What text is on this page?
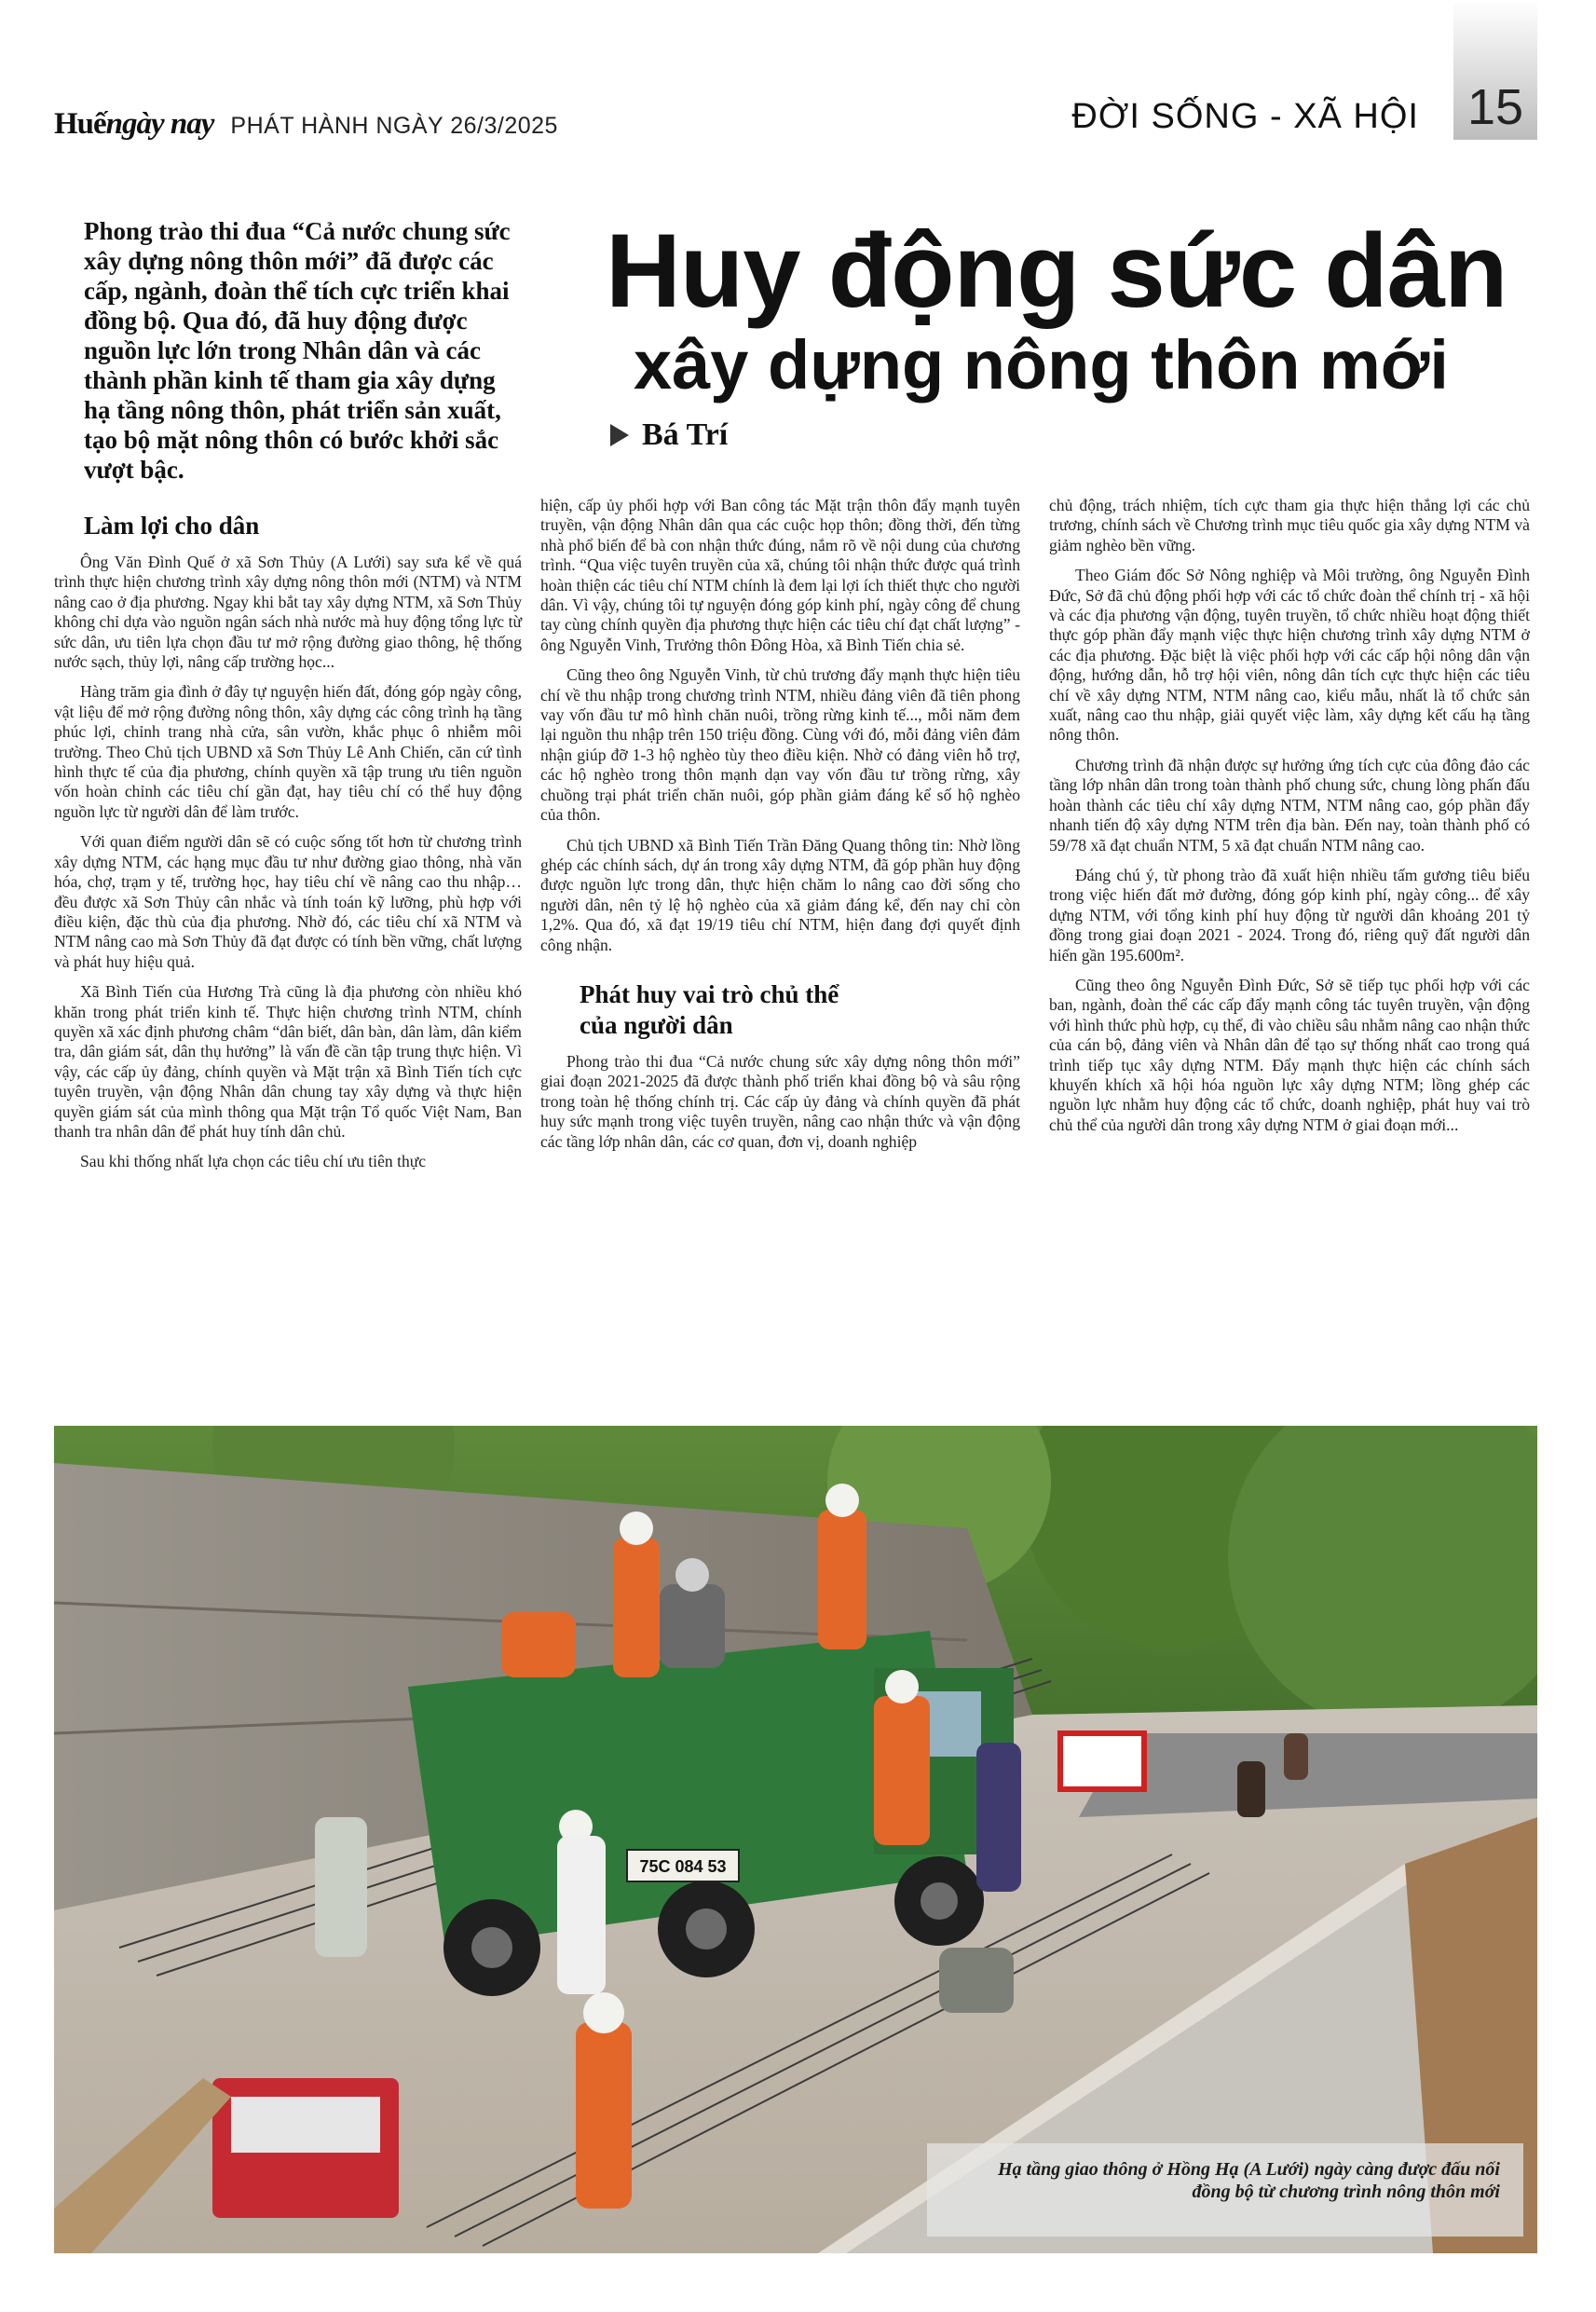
15
Huếngày nay PHÁT HÀNH NGÀY 26/3/2025	ĐỜI SỐNG - XÃ HỘI
Phong trào thi đua “Cả nước chung sức xây dựng nông thôn mới” đã được các cấp, ngành, đoàn thể tích cực triển khai đồng bộ. Qua đó, đã huy động được nguồn lực lớn trong Nhân dân và các thành phần kinh tế tham gia xây dựng hạ tầng nông thôn, phát triển sản xuất, tạo bộ mặt nông thôn có bước khởi sắc vượt bậc.
Huy động sức dân
xây dựng nông thôn mới
Bá Trí
Làm lợi cho dân

Ông Văn Đình Quế ở xã Sơn Thủy (A Lưới) say sưa kể về quá trình thực hiện chương trình xây dựng nông thôn mới (NTM) và NTM nâng cao ở địa phương. Ngay khi bắt tay xây dựng NTM, xã Sơn Thủy không chỉ dựa vào nguồn ngân sách nhà nước mà huy động tổng lực từ sức dân, ưu tiên lựa chọn đầu tư mở rộng đường giao thông, hệ thống nước sạch, thủy lợi, nâng cấp trường học...

Hàng trăm gia đình ở đây tự nguyện hiến đất, đóng góp ngày công, vật liệu để mở rộng đường nông thôn, xây dựng các công trình hạ tầng phúc lợi, chỉnh trang nhà cửa, sân vườn, khắc phục ô nhiễm môi trường. Theo Chủ tịch UBND xã Sơn Thủy Lê Anh Chiến, căn cứ tình hình thực tế của địa phương, chính quyền xã tập trung ưu tiên nguồn vốn hoàn chỉnh các tiêu chí gần đạt, hay tiêu chí có thể huy động nguồn lực từ người dân để làm trước.

Với quan điểm người dân sẽ có cuộc sống tốt hơn từ chương trình xây dựng NTM, các hạng mục đầu tư như đường giao thông, nhà văn hóa, chợ, trạm y tế, trường học, hay tiêu chí về nâng cao thu nhập… đều được xã Sơn Thủy cân nhắc và tính toán kỹ lưỡng, phù hợp với điều kiện, đặc thù của địa phương. Nhờ đó, các tiêu chí xã NTM và NTM nâng cao mà Sơn Thủy đã đạt được có tính bền vững, chất lượng và phát huy hiệu quả.

Xã Bình Tiến của Hương Trà cũng là địa phương còn nhiều khó khăn trong phát triển kinh tế. Thực hiện chương trình NTM, chính quyền xã xác định phương châm “dân biết, dân bàn, dân làm, dân kiểm tra, dân giám sát, dân thụ hưởng” là vấn đề cần tập trung thực hiện. Vì vậy, các cấp ủy đảng, chính quyền và Mặt trận xã Bình Tiến tích cực tuyên truyền, vận động Nhân dân chung tay xây dựng và thực hiện quyền giám sát của mình thông qua Mặt trận Tổ quốc Việt Nam, Ban thanh tra nhân dân để phát huy tính dân chủ.

Sau khi thống nhất lựa chọn các tiêu chí ưu tiên thực

hiện, cấp ủy phối hợp với Ban công tác Mặt trận thôn đẩy mạnh tuyên truyền, vận động Nhân dân qua các cuộc họp thôn; đồng thời, đến từng nhà phổ biến để bà con nhận thức đúng, nắm rõ về nội dung của chương trình. “Qua việc tuyên truyền của xã, chúng tôi nhận thức được quá trình hoàn thiện các tiêu chí NTM chính là đem lại lợi ích thiết thực cho người dân. Vì vậy, chúng tôi tự nguyện đóng góp kinh phí, ngày công để chung tay cùng chính quyền địa phương thực hiện các tiêu chí đạt chất lượng” - ông Nguyễn Vinh, Trưởng thôn Đông Hòa, xã Bình Tiến chia sẻ.

Cũng theo ông Nguyễn Vinh, từ chủ trương đẩy mạnh thực hiện tiêu chí về thu nhập trong chương trình NTM, nhiều đảng viên đã tiên phong vay vốn đầu tư mô hình chăn nuôi, trồng rừng kinh tế..., mỗi năm đem lại nguồn thu nhập trên 150 triệu đồng. Cùng với đó, mỗi đảng viên đảm nhận giúp đỡ 1-3 hộ nghèo tùy theo điều kiện. Nhờ có đảng viên hỗ trợ, các hộ nghèo trong thôn mạnh dạn vay vốn đầu tư trồng rừng, xây chuồng trại phát triển chăn nuôi, góp phần giảm đáng kể số hộ nghèo của thôn.

Chủ tịch UBND xã Bình Tiến Trần Đăng Quang thông tin: Nhờ lồng ghép các chính sách, dự án trong xây dựng NTM, đã góp phần huy động được nguồn lực trong dân, thực hiện chăm lo nâng cao đời sống cho người dân, nên tỷ lệ hộ nghèo của xã giảm đáng kể, đến nay chỉ còn 1,2%. Qua đó, xã đạt 19/19 tiêu chí NTM, hiện đang đợi quyết định công nhận.

Phát huy vai trò chủ thể
của người dân

Phong trào thi đua “Cả nước chung sức xây dựng nông thôn mới” giai đoạn 2021-2025 đã được thành phố triển khai đồng bộ và sâu rộng trong toàn hệ thống chính trị. Các cấp ủy đảng và chính quyền đã phát huy sức mạnh trong việc tuyên truyền, nâng cao nhận thức và vận động các tầng lớp nhân dân, các cơ quan, đơn vị, doanh nghiệp

chủ động, trách nhiệm, tích cực tham gia thực hiện thắng lợi các chủ trương, chính sách về Chương trình mục tiêu quốc gia xây dựng NTM và giảm nghèo bền vững.

Theo Giám đốc Sở Nông nghiệp và Môi trường, ông Nguyễn Đình Đức, Sở đã chủ động phối hợp với các tổ chức đoàn thể chính trị - xã hội và các địa phương vận động, tuyên truyền, tổ chức nhiều hoạt động thiết thực góp phần đẩy mạnh việc thực hiện chương trình xây dựng NTM ở các địa phương. Đặc biệt là việc phối hợp với các cấp hội nông dân vận động, hướng dẫn, hỗ trợ hội viên, nông dân tích cực thực hiện các tiêu chí về xây dựng NTM, NTM nâng cao, kiểu mẫu, nhất là tổ chức sản xuất, nâng cao thu nhập, giải quyết việc làm, xây dựng kết cấu hạ tầng nông thôn.

Chương trình đã nhận được sự hưởng ứng tích cực của đông đảo các tầng lớp nhân dân trong toàn thành phố chung sức, chung lòng phấn đấu hoàn thành các tiêu chí xây dựng NTM, NTM nâng cao, góp phần đẩy nhanh tiến độ xây dựng NTM trên địa bàn. Đến nay, toàn thành phố có 59/78 xã đạt chuẩn NTM, 5 xã đạt chuẩn NTM nâng cao.

Đáng chú ý, từ phong trào đã xuất hiện nhiều tấm gương tiêu biểu trong việc hiến đất mở đường, đóng góp kinh phí, ngày công... để xây dựng NTM, với tổng kinh phí huy động từ người dân khoảng 201 tỷ đồng trong giai đoạn 2021 - 2024. Trong đó, riêng quỹ đất người dân hiến gần 195.600m².

Cũng theo ông Nguyễn Đình Đức, Sở sẽ tiếp tục phối hợp với các ban, ngành, đoàn thể các cấp đẩy mạnh công tác tuyên truyền, vận động với hình thức phù hợp, cụ thể, đi vào chiều sâu nhằm nâng cao nhận thức của cán bộ, đảng viên và Nhân dân để tạo sự thống nhất cao trong quá trình tiếp tục xây dựng NTM. Đẩy mạnh thực hiện các chính sách khuyến khích xã hội hóa nguồn lực xây dựng NTM; lồng ghép các nguồn lực nhằm huy động các tổ chức, doanh nghiệp, phát huy vai trò chủ thể của người dân trong xây dựng NTM ở giai đoạn mới...

75C 084 53
Hạ tầng giao thông ở Hồng Hạ (A Lưới) ngày càng được đấu nối
đồng bộ từ chương trình nông thôn mới
